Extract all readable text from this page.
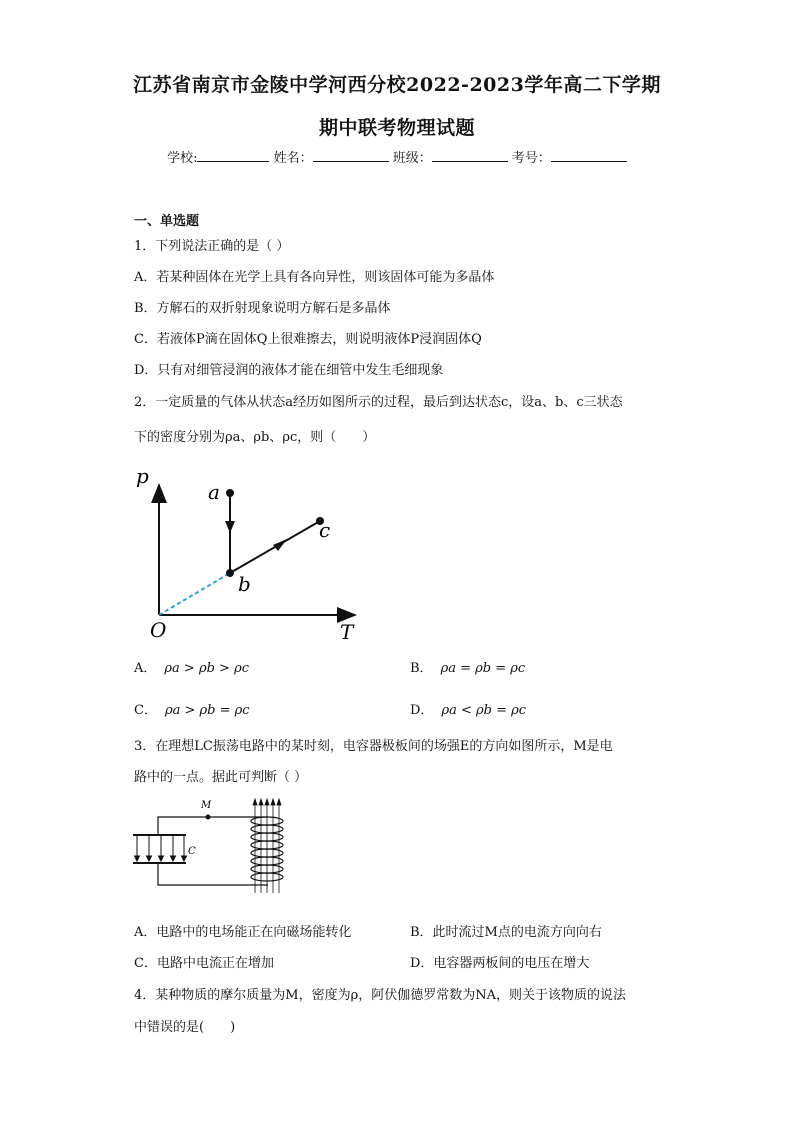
江苏省南京市金陵中学河西分校2022-2023学年高二下学期
期中联考物理试题
学校:	姓名：	班级：	考号：
一、单选题
1．下列说法正确的是（ ）
A．若某种固体在光学上具有各向异性，则该固体可能为多晶体
B．方解石的双折射现象说明方解石是多晶体
C．若液体P滴在固体Q上很难擦去，则说明液体P浸润固体Q
D．只有对细管浸润的液体才能在细管中发生毛细现象
2．一定质量的气体从状态a经历如图所示的过程，最后到达状态c，设a、b、c三状态
下的密度分别为ρa、ρb、ρc，则（　　）
p
T
O
a
b
c
A． ρa > ρb > ρc	B． ρa = ρb = ρc
C． ρa > ρb = ρc	D． ρa < ρb = ρc
3．在理想LC振荡电路中的某时刻，电容器极板间的场强E的方向如图所示，M是电
路中的一点。据此可判断（ ）
C
M
A．电路中的电场能正在向磁场能转化	B．此时流过M点的电流方向向右
C．电路中电流正在增加	D．电容器两板间的电压在增大
4．某种物质的摩尔质量为M，密度为ρ，阿伏伽德罗常数为NA，则关于该物质的说法
中错误的是(　　)
